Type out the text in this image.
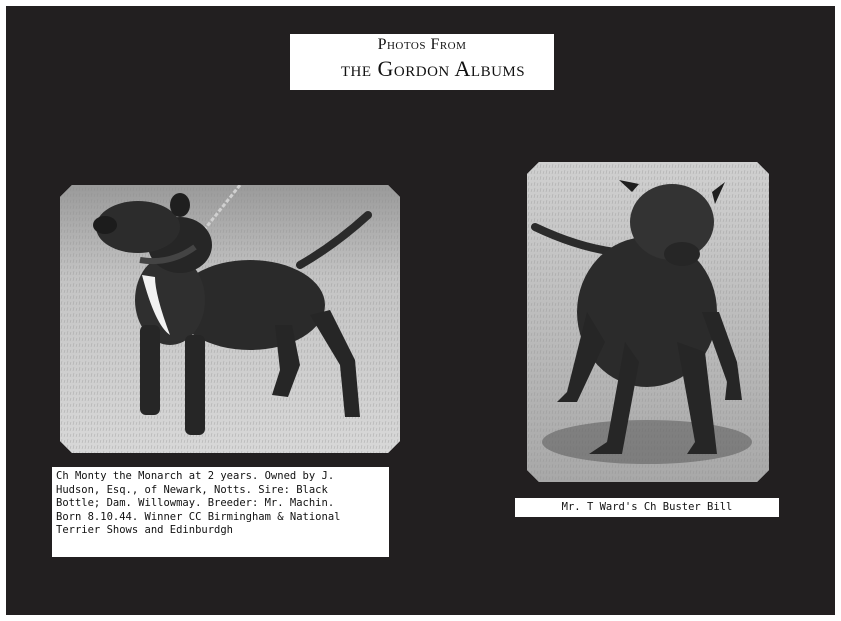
Photos From
the Gordon Albums
Ch Monty the Monarch at 2 years. Owned by J.
Hudson, Esq., of Newark, Notts. Sire: Black
Bottle; Dam. Willowmay. Breeder: Mr. Machin.
Born 8.10.44. Winner CC Birmingham & National
Terrier Shows and Edinburdgh
Mr. T Ward's Ch Buster Bill
